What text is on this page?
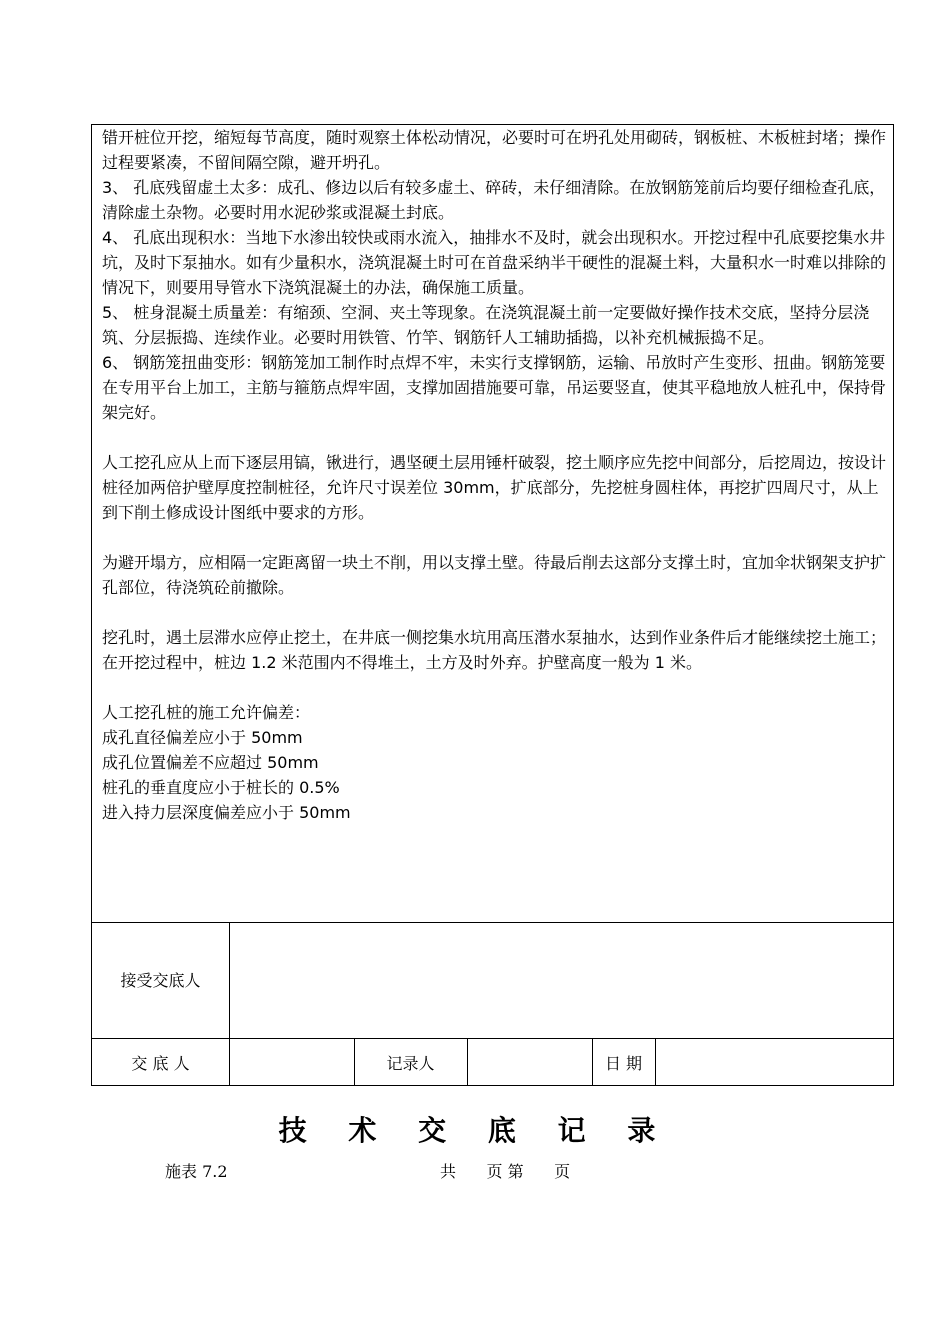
错开桩位开挖，缩短每节高度，随时观察土体松动情况，必要时可在坍孔处用砌砖，钢板桩、木板桩封堵；操作过程要紧凑，不留间隔空隙，避开坍孔。

3、 孔底残留虚土太多：成孔、修边以后有较多虚土、碎砖，未仔细清除。在放钢筋笼前后均要仔细检查孔底，清除虚土杂物。必要时用水泥砂浆或混凝土封底。

4、 孔底出现积水：当地下水渗出较快或雨水流入，抽排水不及时，就会出现积水。开挖过程中孔底要挖集水井坑，及时下泵抽水。如有少量积水，浇筑混凝土时可在首盘采纳半干硬性的混凝土料，大量积水一时难以排除的情况下，则要用导管水下浇筑混凝土的办法，确保施工质量。

5、 桩身混凝土质量差：有缩颈、空洞、夹土等现象。在浇筑混凝土前一定要做好操作技术交底，坚持分层浇筑、分层振捣、连续作业。必要时用铁管、竹竿、钢筋钎人工辅助插捣，以补充机械振捣不足。

6、 钢筋笼扭曲变形：钢筋笼加工制作时点焊不牢，未实行支撑钢筋，运输、吊放时产生变形、扭曲。钢筋笼要在专用平台上加工，主筋与箍筋点焊牢固，支撑加固措施要可靠，吊运要竖直，使其平稳地放人桩孔中，保持骨架完好。

人工挖孔应从上而下逐层用镐，锹进行，遇坚硬土层用锤杆破裂，挖土顺序应先挖中间部分，后挖周边，按设计桩径加两倍护壁厚度控制桩径，允许尺寸误差位 30mm，扩底部分，先挖桩身圆柱体，再挖扩四周尺寸，从上到下削土修成设计图纸中要求的方形。

为避开塌方，应相隔一定距离留一块土不削，用以支撑土壁。待最后削去这部分支撑土时，宜加伞状钢架支护扩孔部位，待浇筑砼前撤除。

挖孔时，遇土层滞水应停止挖土，在井底一侧挖集水坑用高压潜水泵抽水，达到作业条件后才能继续挖土施工；在开挖过程中，桩边 1.2 米范围内不得堆土，土方及时外弃。护壁高度一般为 1 米。

人工挖孔桩的施工允许偏差：

成孔直径偏差应小于 50mm

成孔位置偏差不应超过 50mm

桩孔的垂直度应小于桩长的 0.5%

进入持力层深度偏差应小于 50mm

接受交底人
交 底 人	记录人	日 期
技 术 交 底 记 录
施表 7.2	共      页 第      页
